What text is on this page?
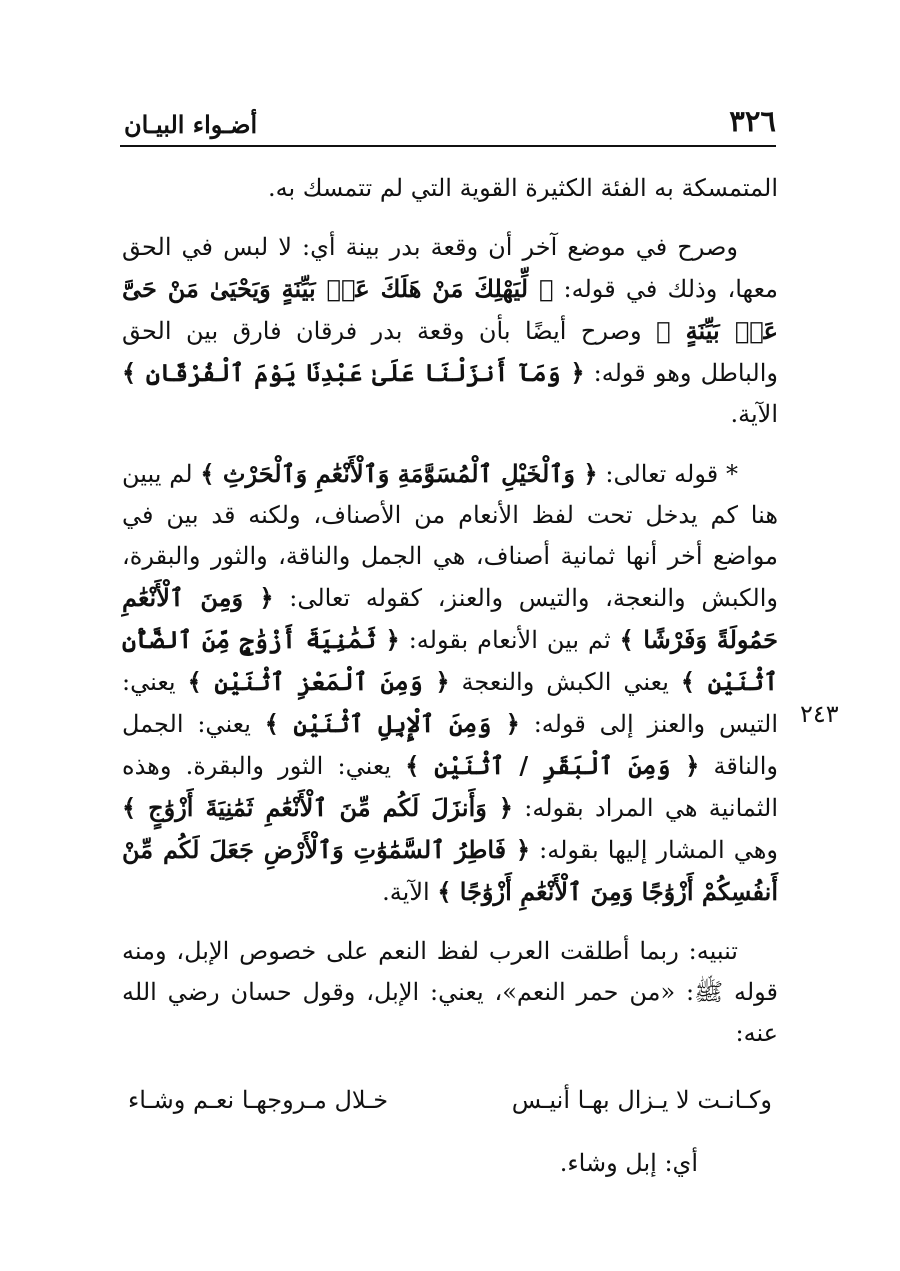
٣٢٦
أضـواء البيـان
٢٤٣

المتمسكة به الفئة الكثيرة القوية التي لم تتمسك به.

وصرح في موضع آخر أن وقعة بدر بينة أي: لا لبس في الحق معها، وذلك في قوله: ﴿ لِّيَهْلِكَ مَنْ هَلَكَ عَنۢ بَيِّنَةٍ وَيَحْيَىٰ مَنْ حَىَّ عَنۢ بَيِّنَةٍ ﴾ وصرح أيضًا بأن وقعة بدر فرقان فارق بين الحق والباطل وهو قوله: ﴿ وَمَآ أَنزَلْنَا عَلَىٰ عَبْدِنَا يَوْمَ ٱلْفُرْقَانِ ﴾ الآية.

* قوله تعالى: ﴿ وَٱلْخَيْلِ ٱلْمُسَوَّمَةِ وَٱلْأَنْعَٰمِ وَٱلْحَرْثِ ﴾ لم يبين هنا كم يدخل تحت لفظ الأنعام من الأصناف، ولكنه قد بين في مواضع أخر أنها ثمانية أصناف، هي الجمل والناقة، والثور والبقرة، والكبش والنعجة، والتيس والعنز، كقوله تعالى: ﴿ وَمِنَ ٱلْأَنْعَٰمِ حَمُولَةً وَفَرْشًا ﴾ ثم بين الأنعام بقوله: ﴿ ثَمَٰنِيَةَ أَزْوَٰجٍ مِّنَ ٱلضَّأْنِ ٱثْنَيْنِ ﴾ يعني الكبش والنعجة ﴿ وَمِنَ ٱلْمَعْزِ ٱثْنَيْنِ ﴾ يعني: التيس والعنز إلى قوله: ﴿ وَمِنَ ٱلْإِبِلِ ٱثْنَيْنِ ﴾ يعني: الجمل والناقة ﴿ وَمِنَ ٱلْبَقَرِ / ٱثْنَيْنِ ﴾ يعني: الثور والبقرة. وهذه الثمانية هي المراد بقوله: ﴿ وَأَنزَلَ لَكُم مِّنَ ٱلْأَنْعَٰمِ ثَمَٰنِيَةَ أَزْوَٰجٍ ﴾ وهي المشار إليها بقوله: ﴿ فَاطِرُ ٱلسَّمَٰوَٰتِ وَٱلْأَرْضِ جَعَلَ لَكُم مِّنْ أَنفُسِكُمْ أَزْوَٰجًا وَمِنَ ٱلْأَنْعَٰمِ أَزْوَٰجًا ﴾ الآية.

تنبيه: ربما أطلقت العرب لفظ النعم على خصوص الإبل، ومنه قوله ﷺ: «من حمر النعم»، يعني: الإبل، وقول حسان رضي الله عنه:

وكـانـت لا يـزال بهـا أنيـس
خـلال مـروجهـا نعـم وشـاء

أي: إبل وشاء.
